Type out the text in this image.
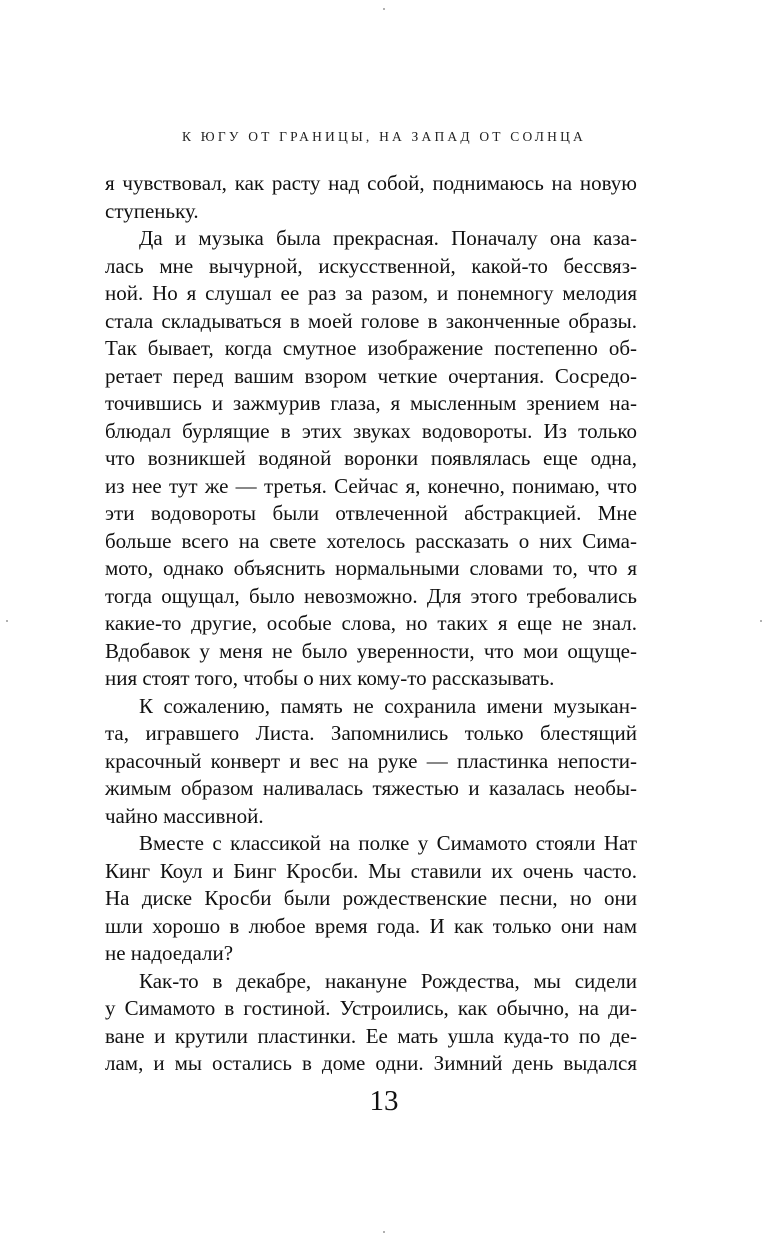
К ЮГУ ОТ ГРАНИЦЫ, НА ЗАПАД ОТ СОЛНЦА
я чувствовал, как расту над собой, поднимаюсь на новую
ступеньку.
Да и музыка была прекрасная. Поначалу она каза-
лась мне вычурной, искусственной, какой-то бессвяз-
ной. Но я слушал ее раз за разом, и понемногу мелодия
стала складываться в моей голове в законченные образы.
Так бывает, когда смутное изображение постепенно об-
ретает перед вашим взором четкие очертания. Сосредо-
точившись и зажмурив глаза, я мысленным зрением на-
блюдал бурлящие в этих звуках водовороты. Из только
что возникшей водяной воронки появлялась еще одна,
из нее тут же — третья. Сейчас я, конечно, понимаю, что
эти водовороты были отвлеченной абстракцией. Мне
больше всего на свете хотелось рассказать о них Сима-
мото, однако объяснить нормальными словами то, что я
тогда ощущал, было невозможно. Для этого требовались
какие-то другие, особые слова, но таких я еще не знал.
Вдобавок у меня не было уверенности, что мои ощуще-
ния стоят того, чтобы о них кому-то рассказывать.
К сожалению, память не сохранила имени музыкан-
та, игравшего Листа. Запомнились только блестящий
красочный конверт и вес на руке — пластинка непости-
жимым образом наливалась тяжестью и казалась необы-
чайно массивной.
Вместе с классикой на полке у Симамото стояли Нат
Кинг Коул и Бинг Кросби. Мы ставили их очень часто.
На диске Кросби были рождественские песни, но они
шли хорошо в любое время года. И как только они нам
не надоедали?
Как-то в декабре, накануне Рождества, мы сидели
у Симамото в гостиной. Устроились, как обычно, на ди-
ване и крутили пластинки. Ее мать ушла куда-то по де-
лам, и мы остались в доме одни. Зимний день выдался
13
